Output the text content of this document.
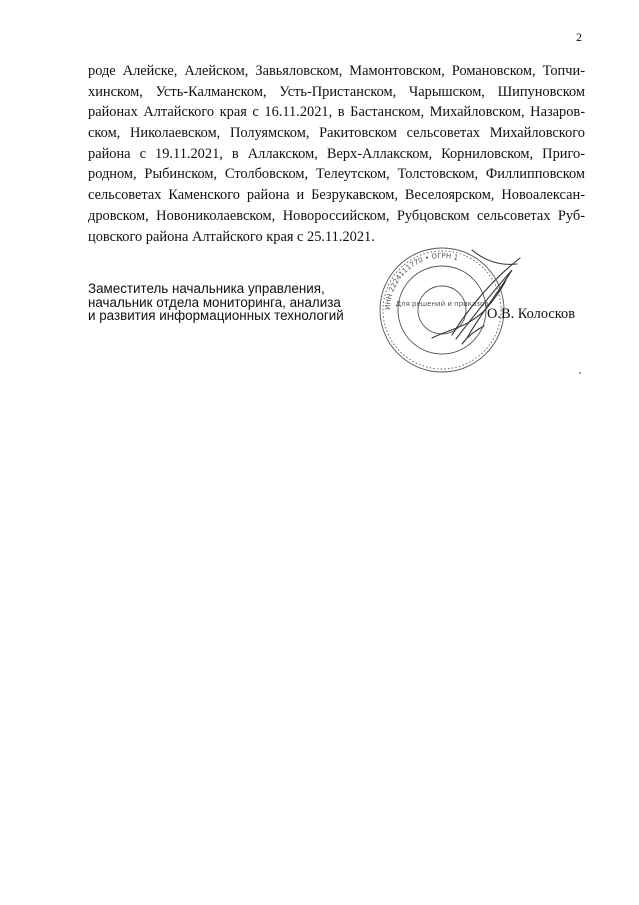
2
роде Алейске, Алейском, Завьяловском, Мамонтовском, Романовском, Топчи-
хинском, Усть-Калманском, Усть-Пристанском, Чарышском, Шипуновском
районах Алтайского края с 16.11.2021, в Бастанском, Михайловском, Назаров-
ском, Николаевском, Полуямском, Ракитовском сельсоветах Михайловского
района с 19.11.2021, в Аллакском, Верх-Аллакском, Корниловском, Приго-
родном, Рыбинском, Столбовском, Телеутском, Толстовском, Филлипповском
сельсоветах Каменского района и Безрукавском, Веселоярском, Новоалексан-
дровском, Новониколаевском, Новороссийском, Рубцовском сельсоветах Руб-
цовского района Алтайского края с 25.11.2021.
Заместитель начальника управления,
начальник отдела мониторинга, анализа
и развития информационных технологий
ИНН 2224111770 • ОГРН 1
Для решений и приказов
О.В. Колосков
